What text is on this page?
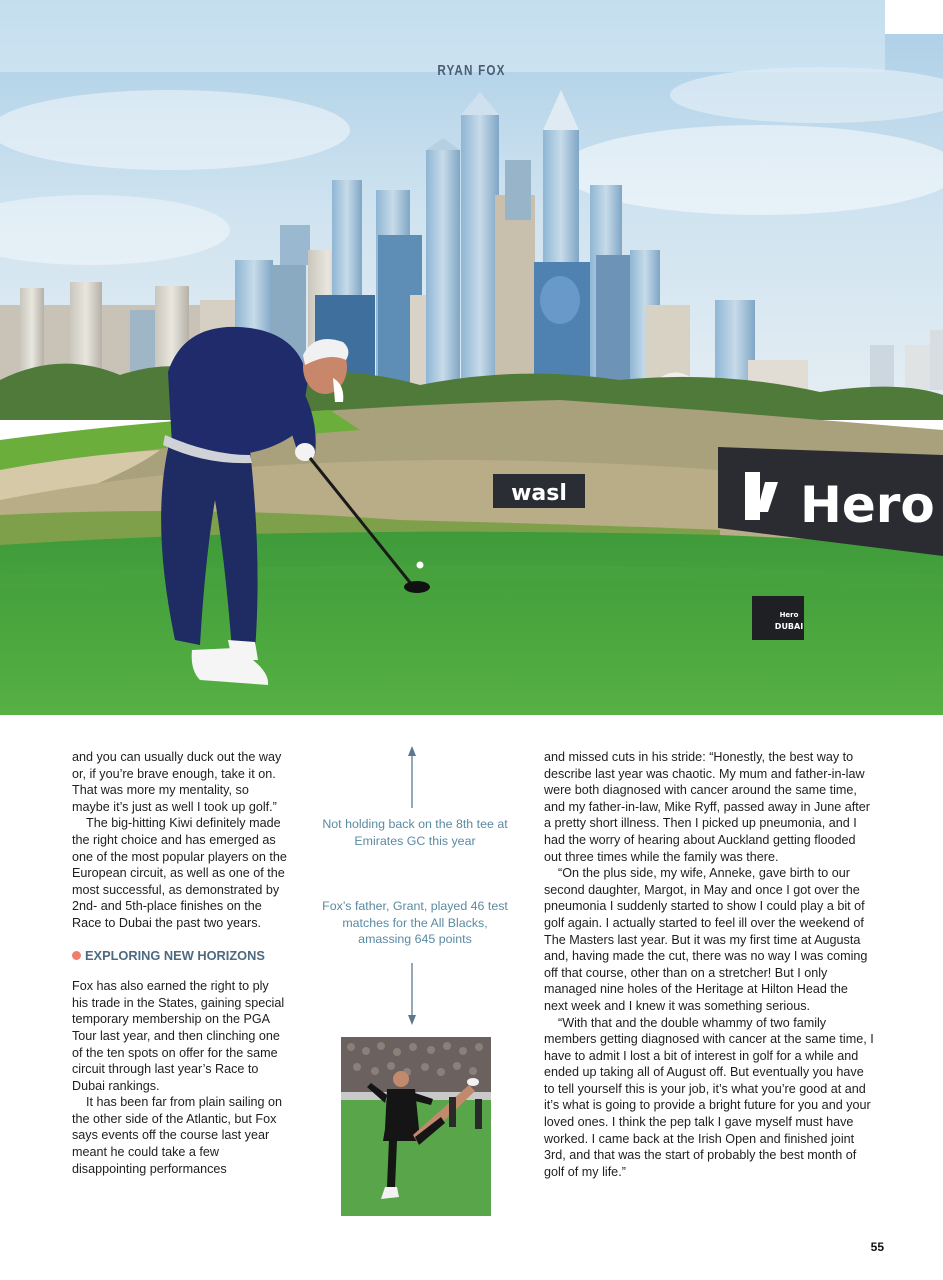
wasl	Hero
Hero
DUBAI
RYAN FOX

and you can usually duck out the way or, if you’re brave enough, take it on. That was more my mentality, so maybe it’s just as well I took up golf.”

The big-hitting Kiwi definitely made the right choice and has emerged as one of the most popular players on the European circuit, as well as one of the most successful, as demonstrated by 2nd- and 5th-place finishes on the Race to Dubai the past two years.

EXPLORING NEW HORIZONS

Fox has also earned the right to ply his trade in the States, gaining special temporary membership on the PGA Tour last year, and then clinching one of the ten spots on offer for the same circuit through last year’s Race to Dubai rankings.

It has been far from plain sailing on the other side of the Atlantic, but Fox says events off the course last year meant he could take a few disappointing performances

Not holding back on the 8th tee at Emirates GC this year
Fox’s father, Grant, played 46 test matches for the All Blacks, amassing 645 points

and missed cuts in his stride: “Honestly, the best way to describe last year was chaotic. My mum and father-in-law were both diagnosed with cancer around the same time, and my father-in-law, Mike Ryff, passed away in June after a pretty short illness. Then I picked up pneumonia, and I had the worry of hearing about Auckland getting flooded out three times while the family was there.

“On the plus side, my wife, Anneke, gave birth to our second daughter, Margot, in May and once I got over the pneumonia I suddenly started to show I could play a bit of golf again. I actually started to feel ill over the weekend of The Masters last year. But it was my first time at Augusta and, having made the cut, there was no way I was coming off that course, other than on a stretcher! But I only managed nine holes of the Heritage at Hilton Head the next week and I knew it was something serious.

“With that and the double whammy of two family members getting diagnosed with cancer at the same time, I have to admit I lost a bit of interest in golf for a while and ended up taking all of August off. But eventually you have to tell yourself this is your job, it’s what you’re good at and it’s what is going to provide a bright future for you and your loved ones. I think the pep talk I gave myself must have worked. I came back at the Irish Open and finished joint 3rd, and that was the start of probably the best month of golf of my life.”

55
